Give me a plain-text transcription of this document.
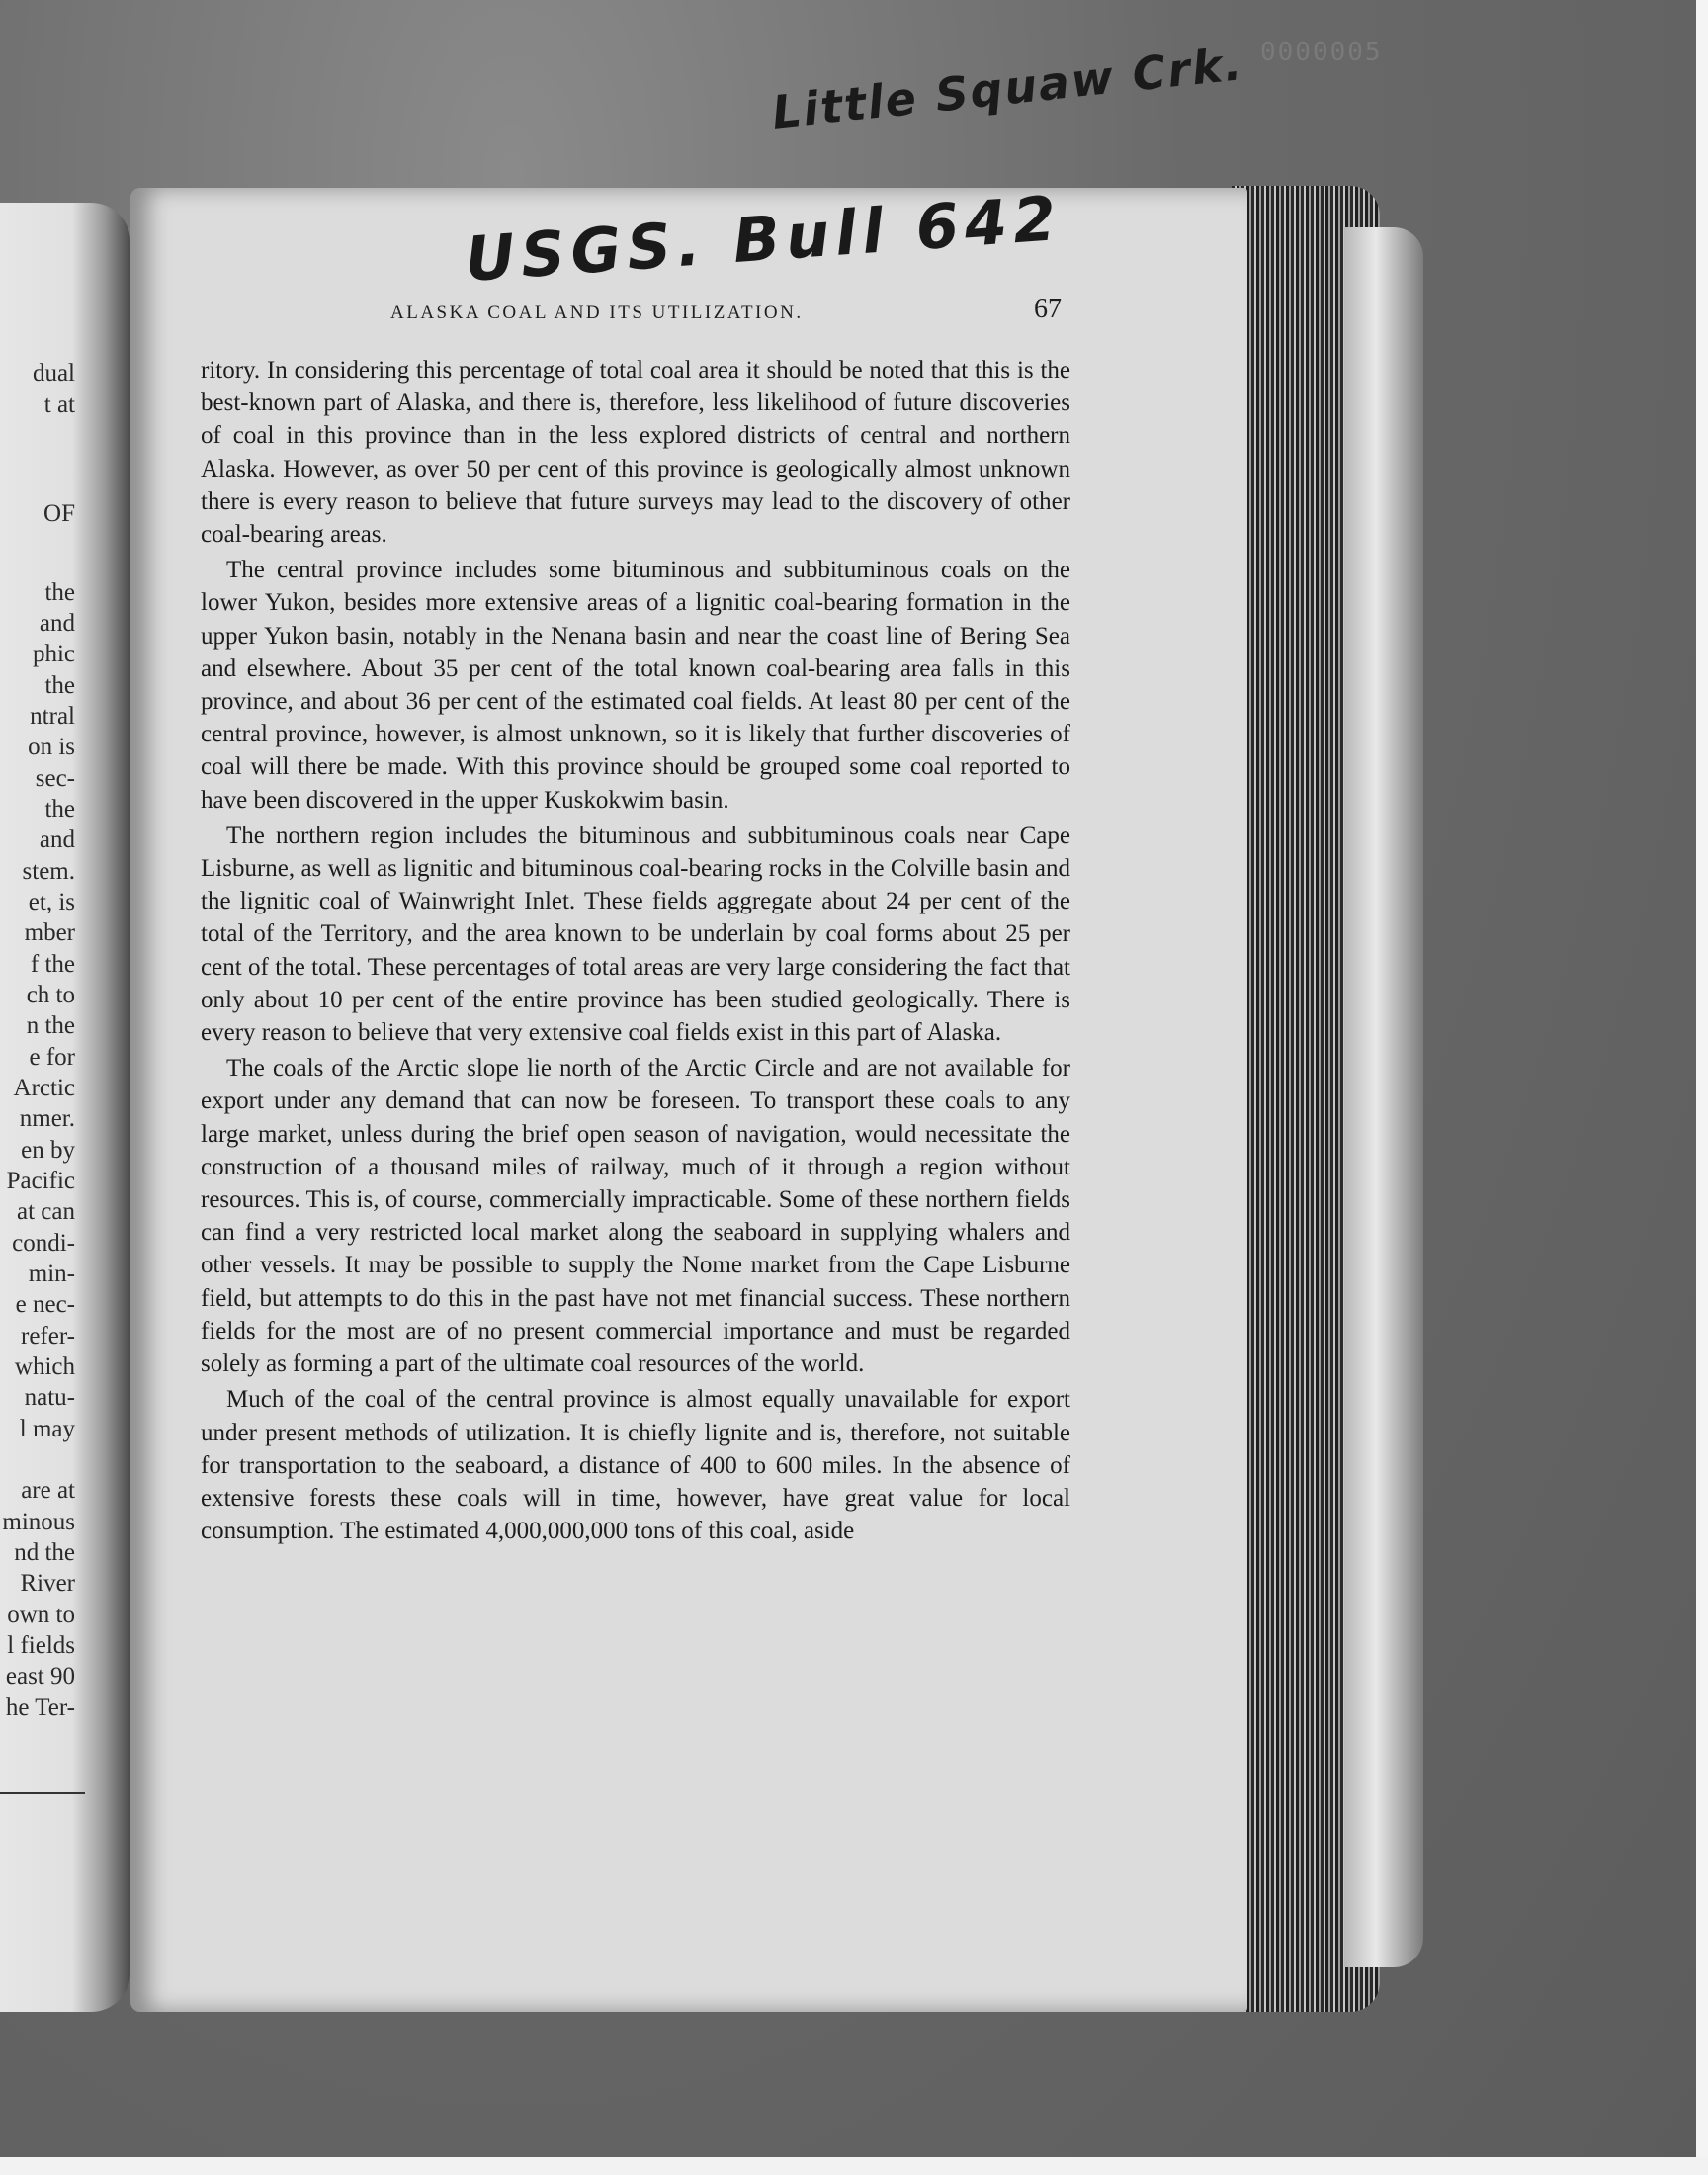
Little Squaw Crk. 0000005
dual
t at
OF
the
and
phic
the
ntral
on is
sec-
the
and
stem.
et, is
mber
f the
ch to
n the
e for
Arctic
nmer.
en by
Pacific
at can
condi-
min-
e nec-
refer-
which
natu-
l may
are at
minous
nd the
River
own to
l fields
east 90
he Ter-
USGS. Bull 642
ALASKA COAL AND ITS UTILIZATION.	67

ritory. In considering this percentage of total coal area it should be noted that this is the best-known part of Alaska, and there is, therefore, less likelihood of future discoveries of coal in this province than in the less explored districts of central and northern Alaska. However, as over 50 per cent of this province is geologically almost unknown there is every reason to believe that future surveys may lead to the discovery of other coal-bearing areas.

The central province includes some bituminous and subbituminous coals on the lower Yukon, besides more extensive areas of a lignitic coal-bearing formation in the upper Yukon basin, notably in the Nenana basin and near the coast line of Bering Sea and elsewhere. About 35 per cent of the total known coal-bearing area falls in this province, and about 36 per cent of the estimated coal fields. At least 80 per cent of the central province, however, is almost unknown, so it is likely that further discoveries of coal will there be made. With this province should be grouped some coal reported to have been discovered in the upper Kuskokwim basin.

The northern region includes the bituminous and subbituminous coals near Cape Lisburne, as well as lignitic and bituminous coal-bearing rocks in the Colville basin and the lignitic coal of Wainwright Inlet. These fields aggregate about 24 per cent of the total of the Territory, and the area known to be underlain by coal forms about 25 per cent of the total. These percentages of total areas are very large considering the fact that only about 10 per cent of the entire province has been studied geologically. There is every reason to believe that very extensive coal fields exist in this part of Alaska.

The coals of the Arctic slope lie north of the Arctic Circle and are not available for export under any demand that can now be foreseen. To transport these coals to any large market, unless during the brief open season of navigation, would necessitate the construction of a thousand miles of railway, much of it through a region without resources. This is, of course, commercially impracticable. Some of these northern fields can find a very restricted local market along the seaboard in supplying whalers and other vessels. It may be possible to supply the Nome market from the Cape Lisburne field, but attempts to do this in the past have not met financial success. These northern fields for the most are of no present commercial importance and must be regarded solely as forming a part of the ultimate coal resources of the world.

Much of the coal of the central province is almost equally unavailable for export under present methods of utilization. It is chiefly lignite and is, therefore, not suitable for transportation to the seaboard, a distance of 400 to 600 miles. In the absence of extensive forests these coals will in time, however, have great value for local consumption. The estimated 4,000,000,000 tons of this coal, aside
